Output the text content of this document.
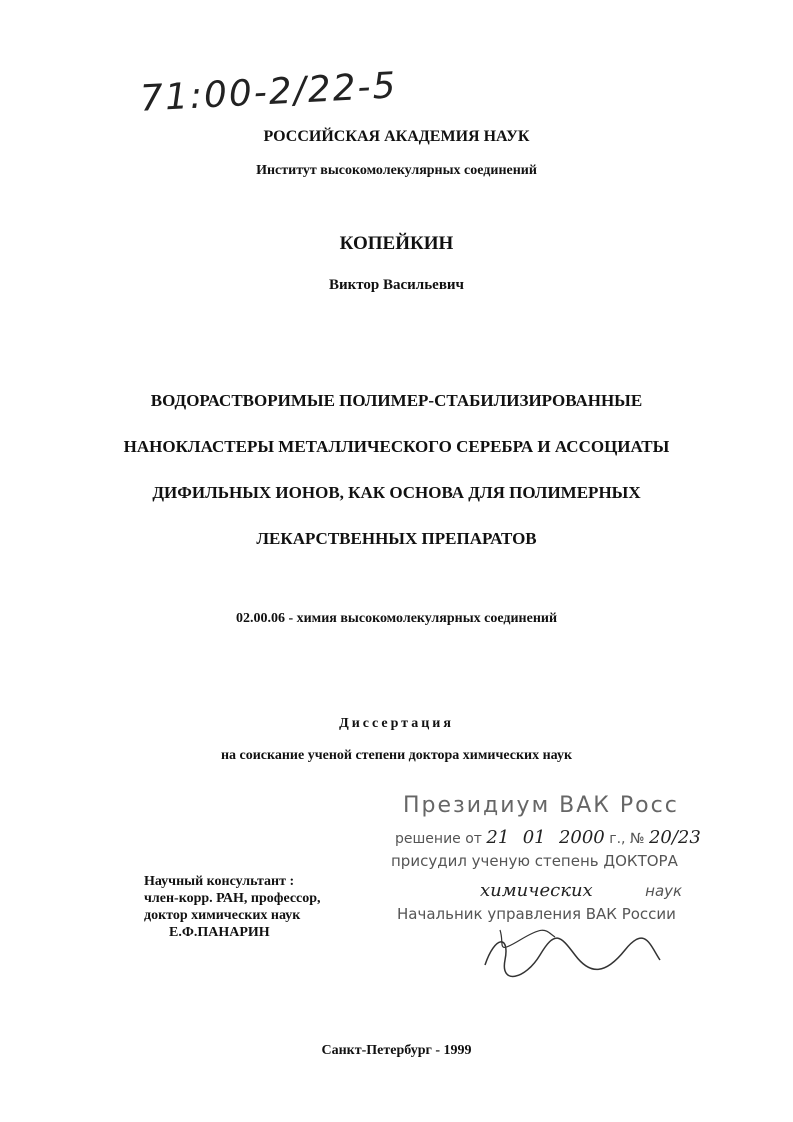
71:00-2/22-5
РОССИЙСКАЯ АКАДЕМИЯ НАУК
Институт высокомолекулярных соединений
КОПЕЙКИН
Виктор Васильевич
ВОДОРАСТВОРИМЫЕ ПОЛИМЕР-СТАБИЛИЗИРОВАННЫЕ
НАНОКЛАСТЕРЫ МЕТАЛЛИЧЕСКОГО СЕРЕБРА И АССОЦИАТЫ
ДИФИЛЬНЫХ ИОНОВ, КАК ОСНОВА ДЛЯ ПОЛИМЕРНЫХ
ЛЕКАРСТВЕННЫХ ПРЕПАРАТОВ
02.00.06 - химия высокомолекулярных соединений
Диссертация
на соискание ученой степени доктора химических наук
Научный консультант :
член-корр. РАН, профессор,
доктор химических наук
Е.Ф.ПАНАРИН
Президиум ВАК Росс
решение от 21 01 2000 г., № 20/23
присудил ученую степень ДОКТОРА
химических	наук
Начальник управления ВАК России
Санкт-Петербург - 1999
